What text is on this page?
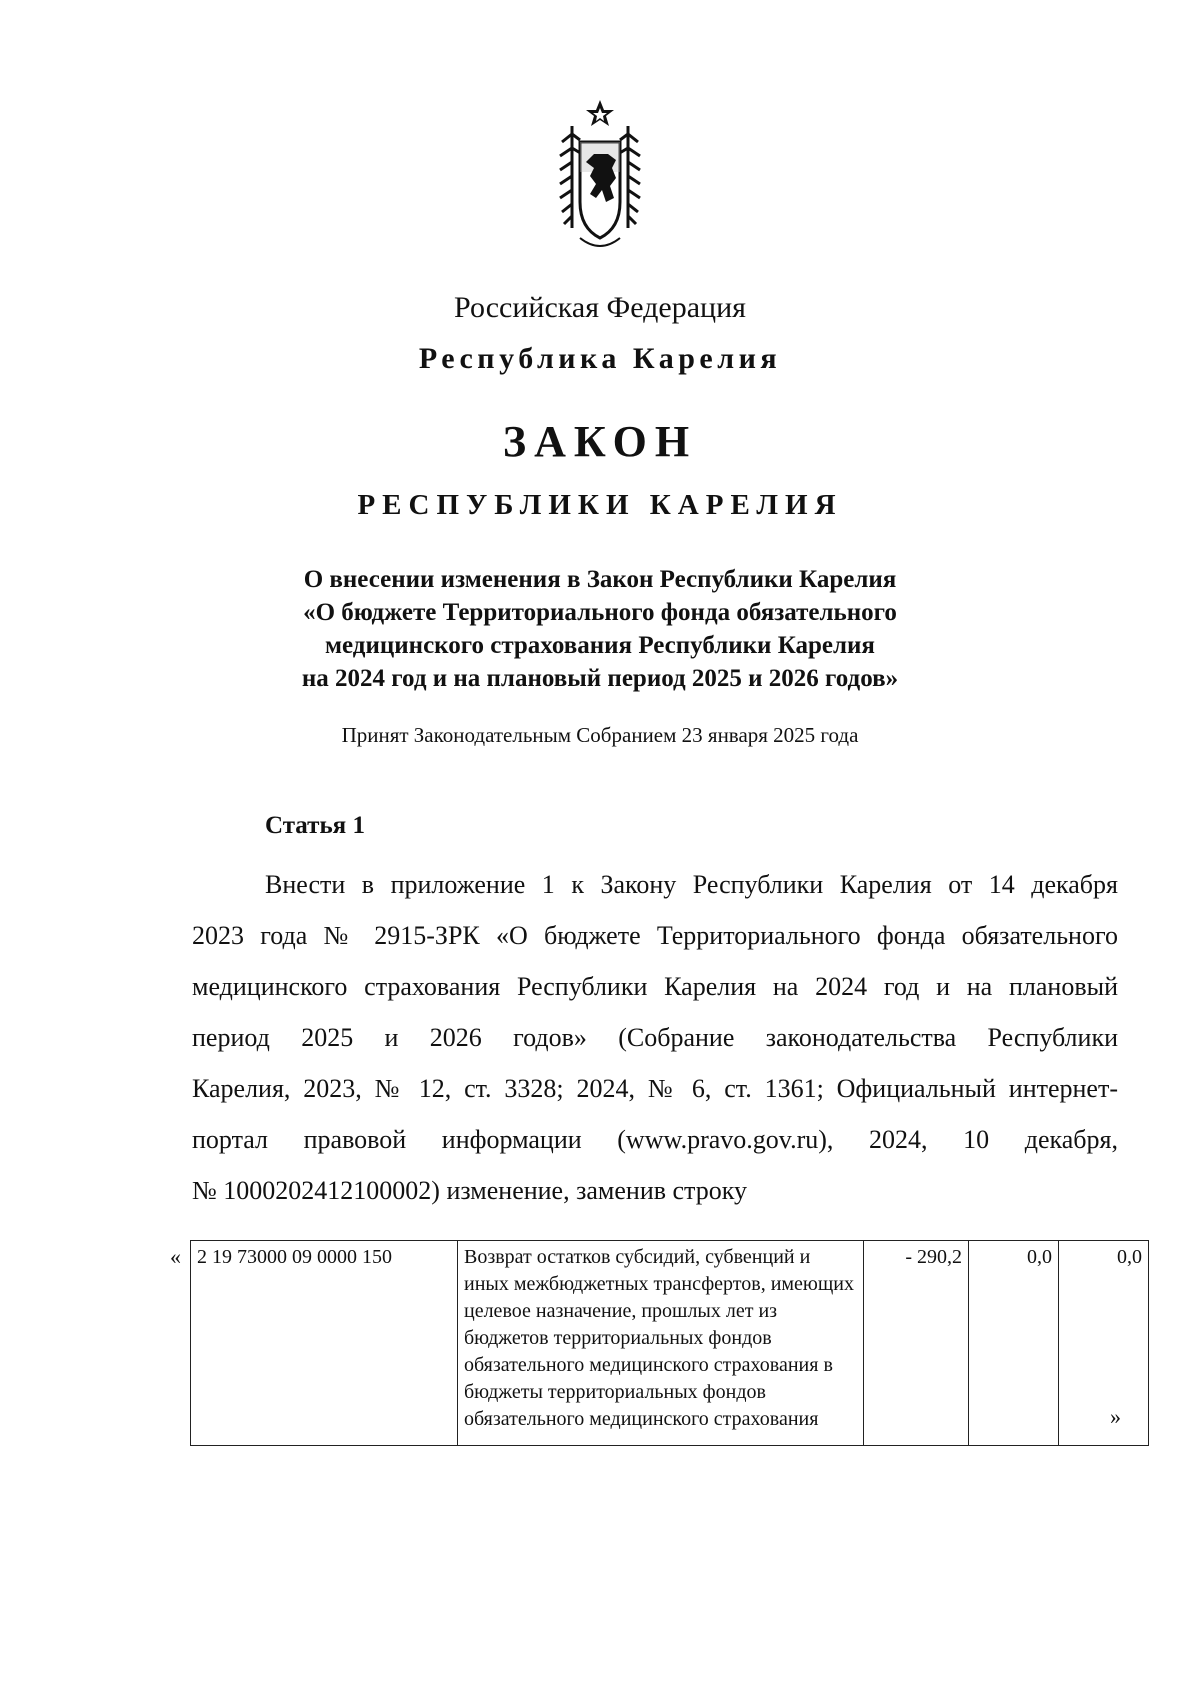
Российская Федерация
Республика Карелия
ЗАКОН
РЕСПУБЛИКИ КАРЕЛИЯ
О внесении изменения в Закон Республики Карелия
«О бюджете Территориального фонда обязательного
медицинского страхования Республики Карелия
на 2024 год и на плановый период 2025 и 2026 годов»
Принят Законодательным Собранием 23 января 2025 года
Статья 1
Внести в приложение 1 к Закону Республики Карелия от 14 декабря
2023 года № 2915-ЗРК «О бюджете Территориального фонда обязательного
медицинского страхования Республики Карелия на 2024 год и на плановый
период 2025 и 2026 годов» (Собрание законодательства Республики
Карелия, 2023, № 12, ст. 3328; 2024, № 6, ст. 1361; Официальный интернет-
портал правовой информации (www.pravo.gov.ru), 2024, 10 декабря,
№ 1000202412100002) изменение, заменив строку
« 2 19 73000 09 0000 150	Возврат остатков субсидий, субвенций и иных межбюджетных трансфертов, имеющих целевое назначение, прошлых лет из бюджетов территориальных фондов обязательного медицинского страхования в бюджеты территориальных фондов обязательного медицинского страхования	- 290,2	0,0	0,0
»
